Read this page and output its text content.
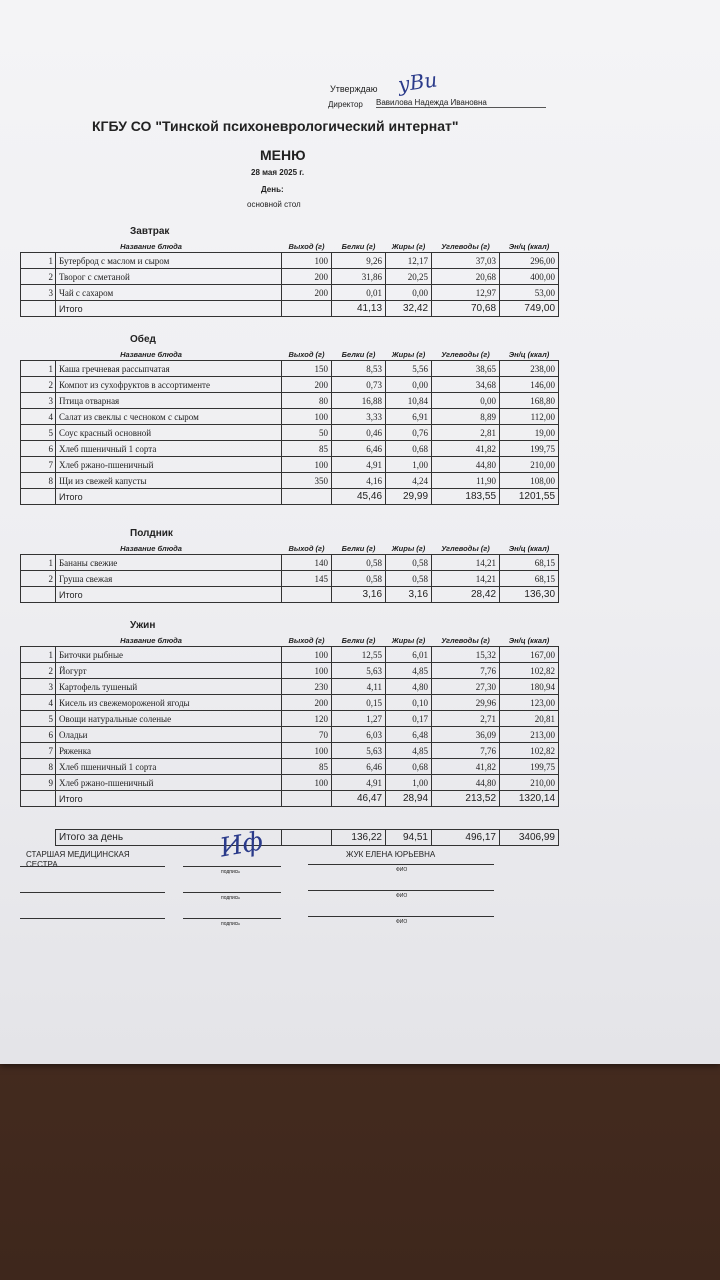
Утверждаю уВи
Директор Вавилова Надежда Ивановна
КГБУ СО "Тинской психоневрологический интернат"
МЕНЮ
28 мая 2025 г.
День:
основной стол
Завтрак
Название блюда		Выход (г)	Белки (г)	Жиры (г)	Углеводы (г)	Эн/ц (ккал)
1	Бутерброд с маслом и сыром	100	9,26	12,17	37,03	296,00
2	Творог с сметаной	200	31,86	20,25	20,68	400,00
3	Чай с сахаром	200	0,01	0,00	12,97	53,00
	Итого		41,13	32,42	70,68	749,00
Обед
Название блюда		Выход (г)	Белки (г)	Жиры (г)	Углеводы (г)	Эн/ц (ккал)
1	Каша гречневая рассыпчатая	150	8,53	5,56	38,65	238,00
2	Компот из сухофруктов в ассортименте	200	0,73	0,00	34,68	146,00
3	Птица отварная	80	16,88	10,84	0,00	168,80
4	Салат из свеклы с чесноком с сыром	100	3,33	6,91	8,89	112,00
5	Соус красный основной	50	0,46	0,76	2,81	19,00
6	Хлеб пшеничный 1 сорта	85	6,46	0,68	41,82	199,75
7	Хлеб ржано-пшеничный	100	4,91	1,00	44,80	210,00
8	Щи из свежей капусты	350	4,16	4,24	11,90	108,00
	Итого		45,46	29,99	183,55	1201,55
Полдник
Название блюда		Выход (г)	Белки (г)	Жиры (г)	Углеводы (г)	Эн/ц (ккал)
1	Бананы свежие	140	0,58	0,58	14,21	68,15
2	Груша свежая	145	0,58	0,58	14,21	68,15
	Итого		3,16	3,16	28,42	136,30
Ужин
Название блюда		Выход (г)	Белки (г)	Жиры (г)	Углеводы (г)	Эн/ц (ккал)
1	Биточки рыбные	100	12,55	6,01	15,32	167,00
2	Йогурт	100	5,63	4,85	7,76	102,82
3	Картофель тушеный	230	4,11	4,80	27,30	180,94
4	Кисель из свежемороженой ягоды	200	0,15	0,10	29,96	123,00
5	Овощи натуральные соленые	120	1,27	0,17	2,71	20,81
6	Оладьи	70	6,03	6,48	36,09	213,00
7	Ряженка	100	5,63	4,85	7,76	102,82
8	Хлеб пшеничный 1 сорта	85	6,46	0,68	41,82	199,75
9	Хлеб ржано-пшеничный	100	4,91	1,00	44,80	210,00
	Итого		46,47	28,94	213,52	1320,14
Итого за день		136,22	94,51	496,17	3406,99
Иф
СТАРШАЯ МЕДИЦИНСКАЯ СЕСТРА
ЖУК ЕЛЕНА ЮРЬЕВНА
подпись	ФИО
подпись	ФИО
подпись	ФИО
